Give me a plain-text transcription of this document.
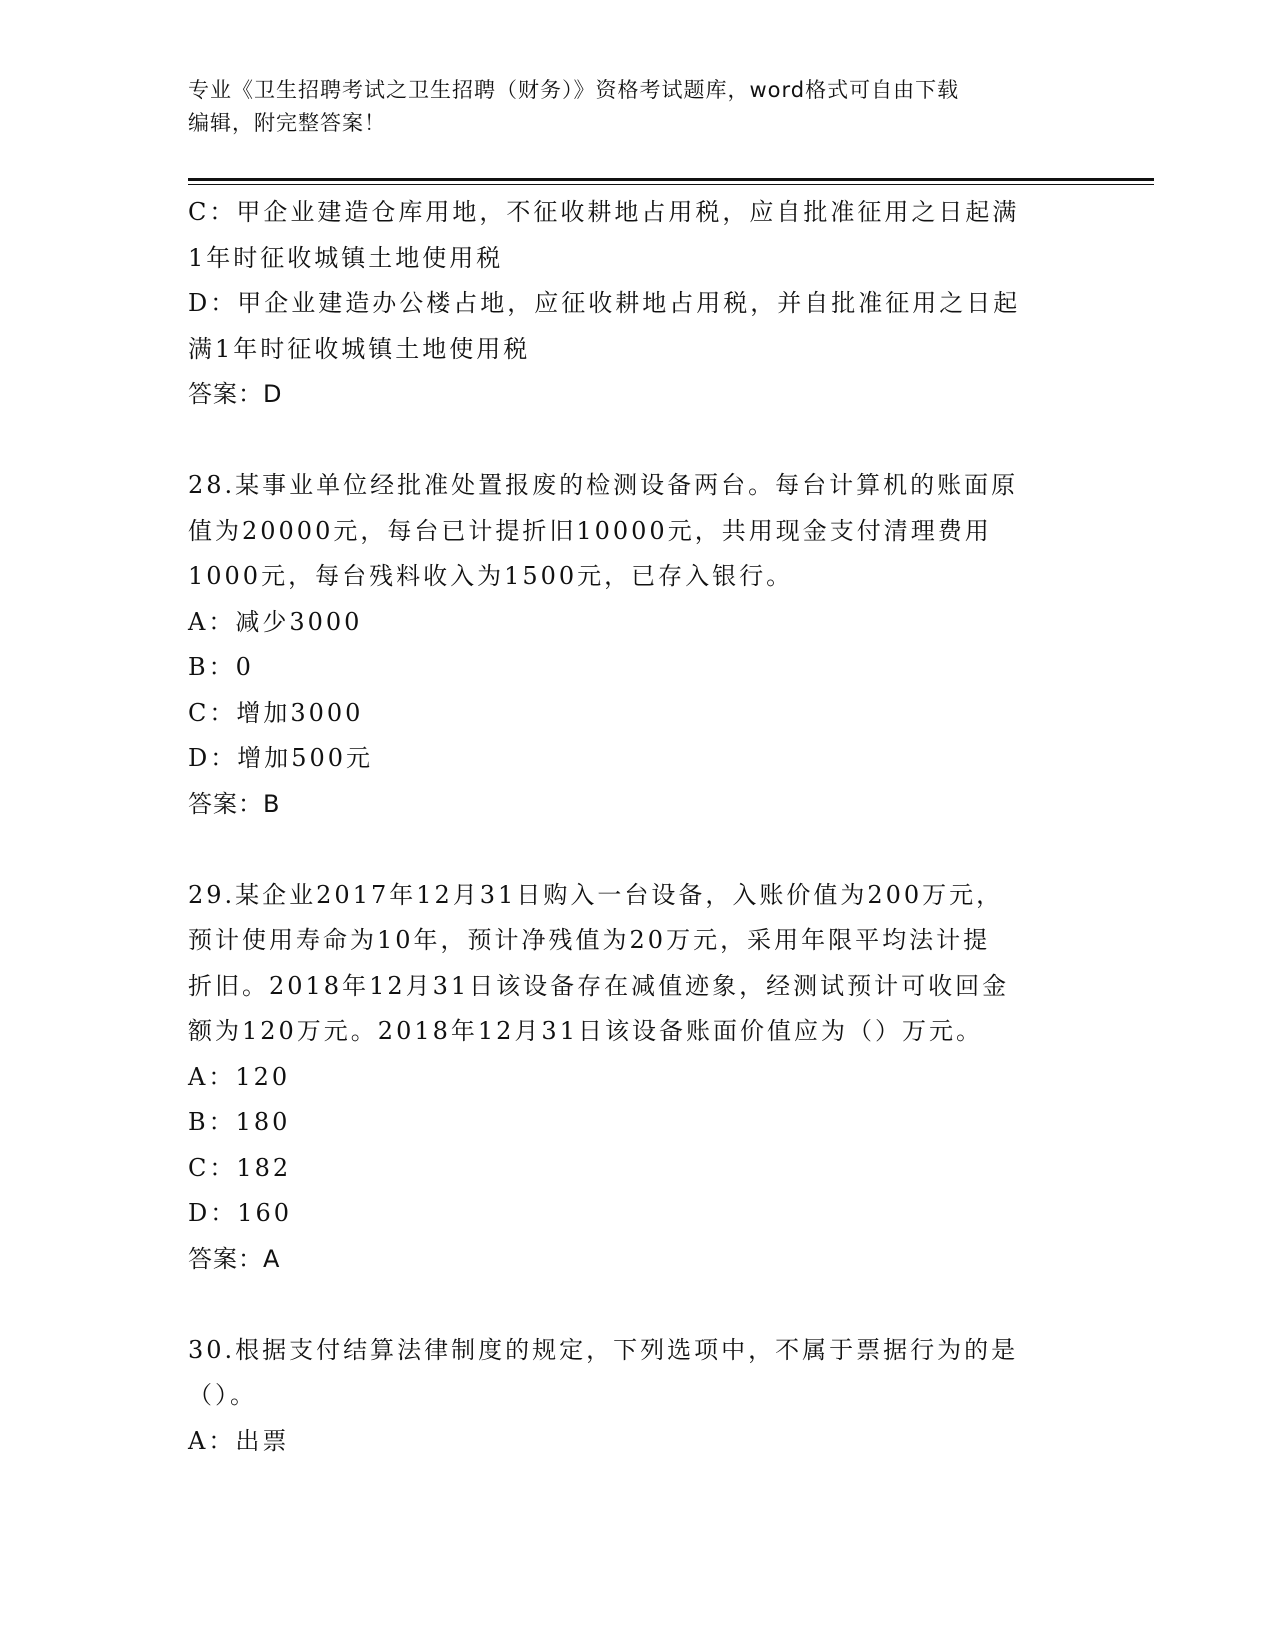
专业《卫生招聘考试之卫生招聘（财务）》资格考试题库，word格式可自由下载
编辑，附完整答案！
C：甲企业建造仓库用地，不征收耕地占用税，应自批准征用之日起满
1年时征收城镇土地使用税
D：甲企业建造办公楼占地，应征收耕地占用税，并自批准征用之日起
满1年时征收城镇土地使用税
答案：D
28.某事业单位经批准处置报废的检测设备两台。每台计算机的账面原
值为20000元，每台已计提折旧10000元，共用现金支付清理费用
1000元，每台残料收入为1500元，已存入银行。
A：减少3000
B：0
C：增加3000
D：增加500元
答案：B
29.某企业2017年12月31日购入一台设备，入账价值为200万元，
预计使用寿命为10年，预计净残值为20万元，采用年限平均法计提
折旧。2018年12月31日该设备存在减值迹象，经测试预计可收回金
额为120万元。2018年12月31日该设备账面价值应为（）万元。
A：120
B：180
C：182
D：160
答案：A
30.根据支付结算法律制度的规定，下列选项中，不属于票据行为的是
（）。
A：出票
